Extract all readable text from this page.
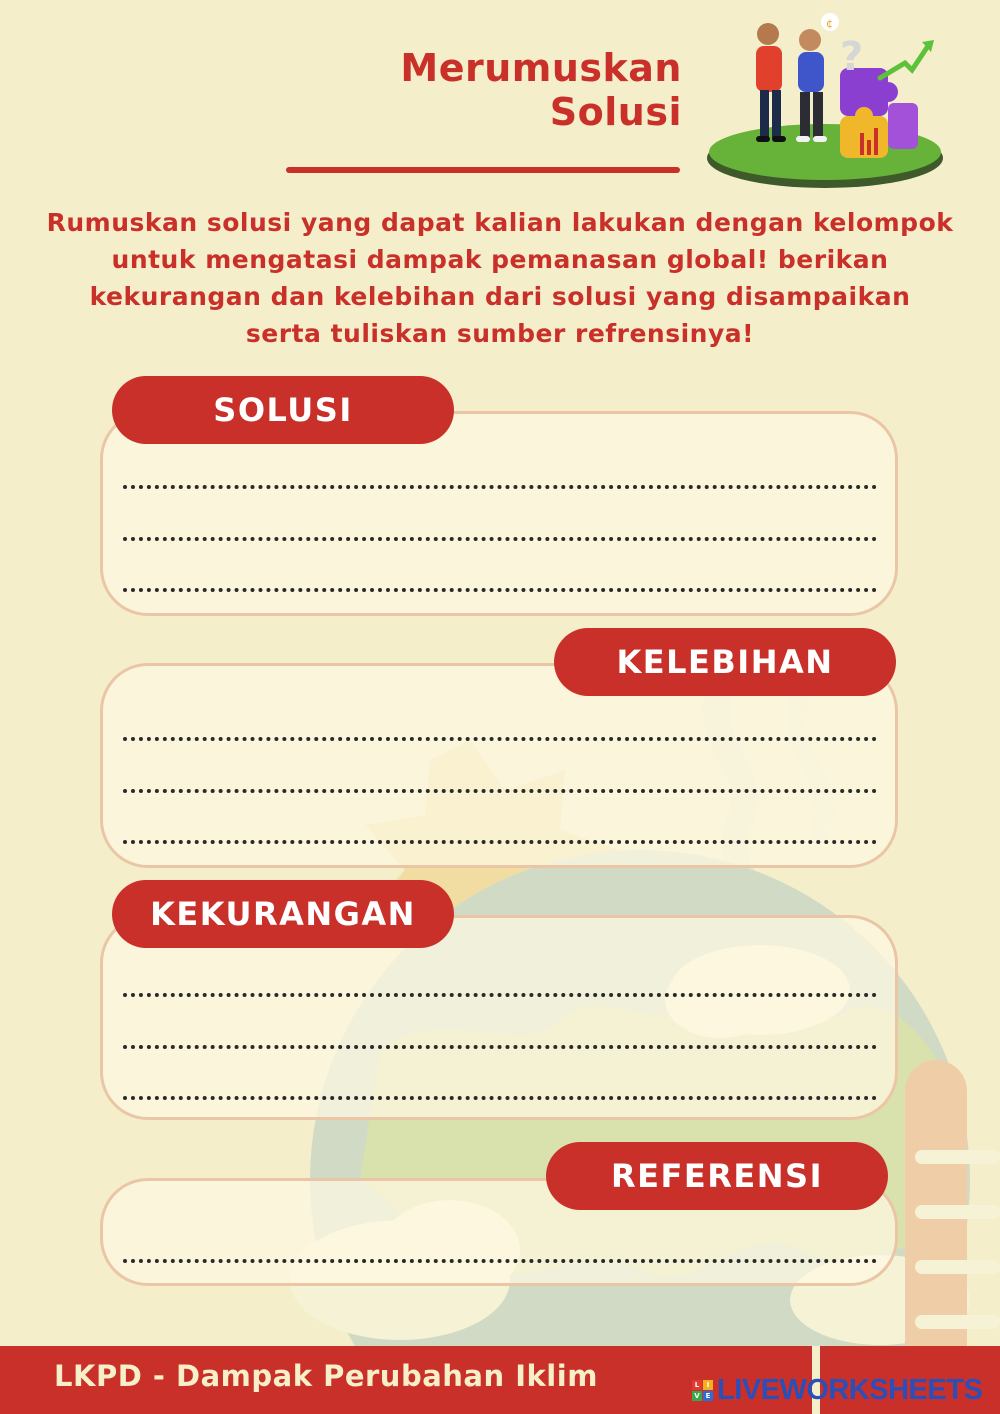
Merumuskan
Solusi
?
¢
Rumuskan solusi yang dapat kalian lakukan dengan kelompok
untuk mengatasi dampak pemanasan global! berikan
kekurangan dan kelebihan dari solusi yang disampaikan
serta tuliskan sumber refrensinya!
SOLUSI
KELEBIHAN
KEKURANGAN
REFERENSI
LKPD - Dampak Perubahan Iklim	L	I
V E LIVEWORKSHEETS
